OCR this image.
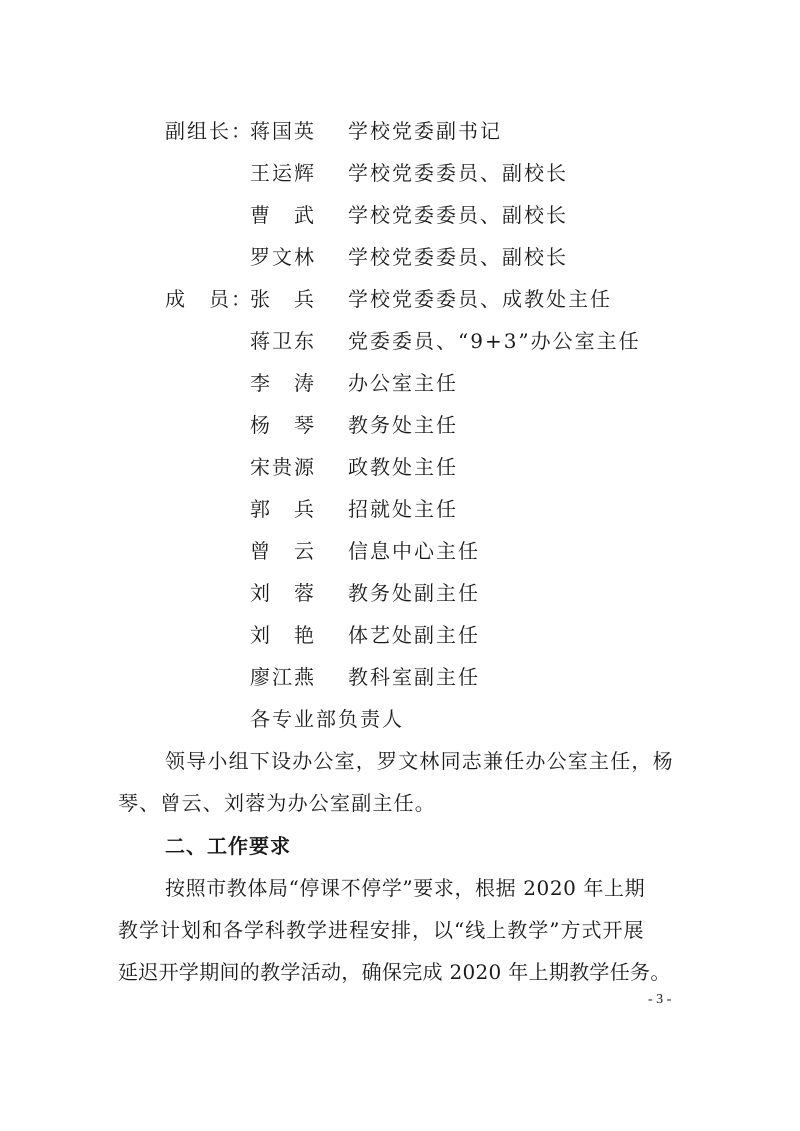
副组长：
蒋国英 学校党委副书记
王运辉 学校党委委员、副校长
曹　武 学校党委委员、副校长
罗文林 学校党委委员、副校长
成　员：
张　兵 学校党委委员、成教处主任
蒋卫东 党委委员、“9+3”办公室主任
李　涛 办公室主任
杨　琴 教务处主任
宋贵源 政教处主任
郭　兵 招就处主任
曾　云 信息中心主任
刘　蓉 教务处副主任
刘　艳 体艺处副主任
廖江燕 教科室副主任
各专业部负责人
领导小组下设办公室，罗文林同志兼任办公室主任，杨
琴、曾云、刘蓉为办公室副主任。
二、工作要求
按照市教体局“停课不停学”要求，根据 2020 年上期
教学计划和各学科教学进程安排，以“线上教学”方式开展
延迟开学期间的教学活动，确保完成 2020 年上期教学任务。
- 3 -
